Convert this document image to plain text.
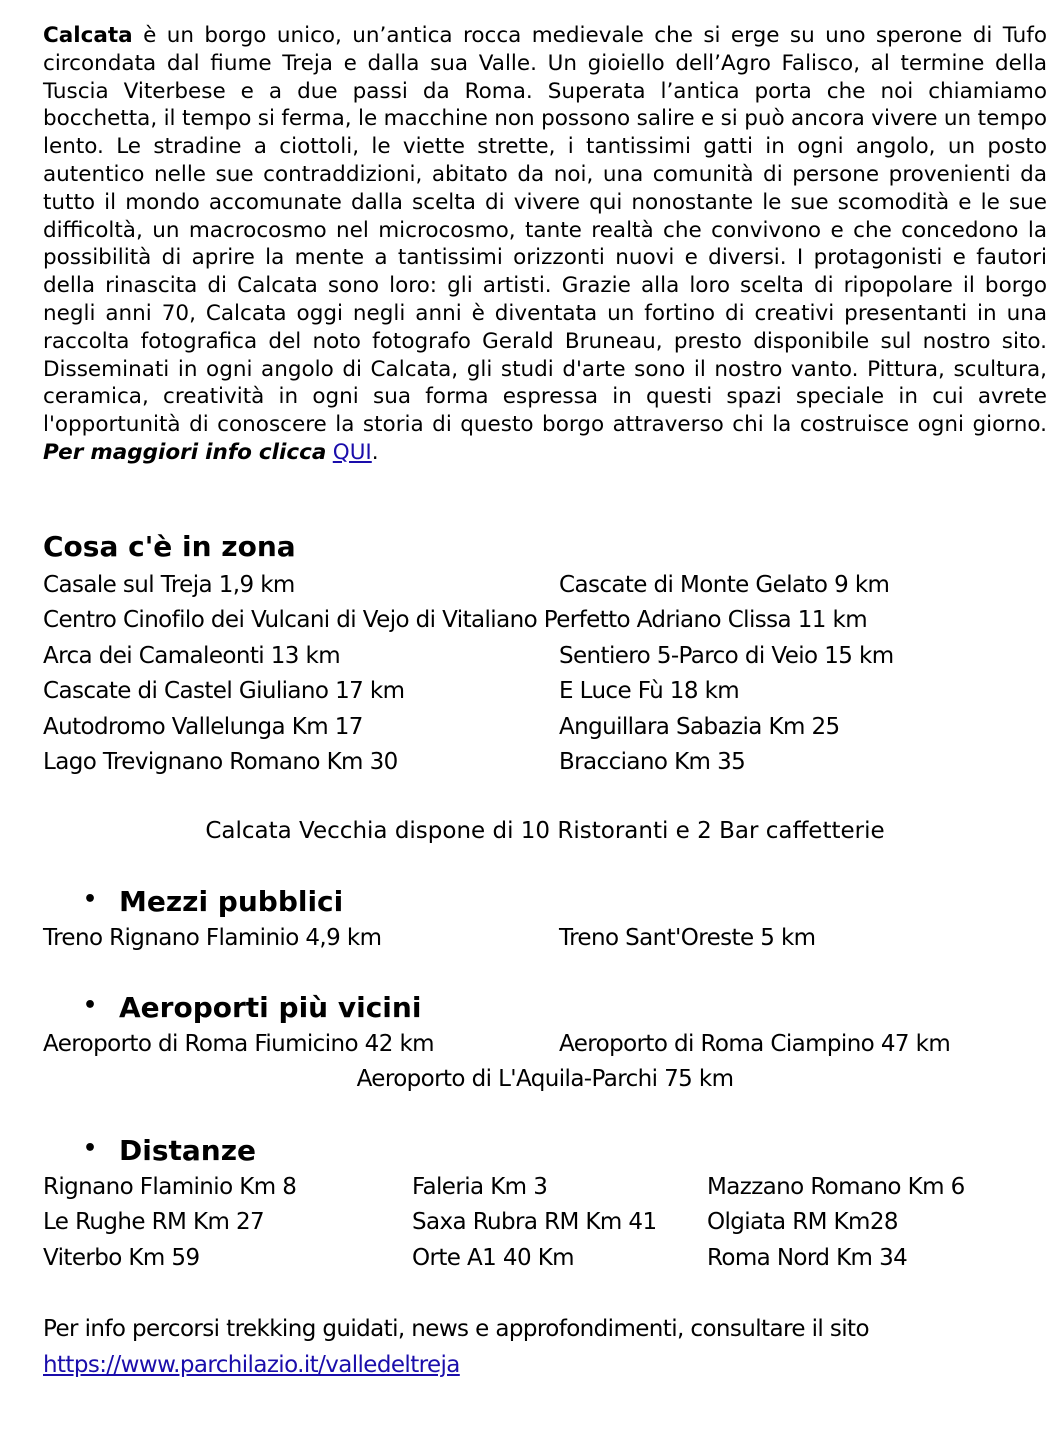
Calcata è un borgo unico, un’antica rocca medievale che si erge su uno sperone di Tufo circondata dal fiume Treja e dalla sua Valle. Un gioiello dell’Agro Falisco, al termine della Tuscia Viterbese e a due passi da Roma. Superata l’antica porta che noi chiamiamo bocchetta, il tempo si ferma, le macchine non possono salire e si può ancora vivere un tempo lento. Le stradine a ciottoli, le viette strette, i tantissimi gatti in ogni angolo, un posto autentico nelle sue contraddizioni, abitato da noi, una comunità di persone provenienti da tutto il mondo accomunate dalla scelta di vivere qui nonostante le sue scomodità e le sue difficoltà, un macrocosmo nel microcosmo, tante realtà che convivono e che concedono la possibilità di aprire la mente a tantissimi orizzonti nuovi e diversi. I protagonisti e fautori della rinascita di Calcata sono loro: gli artisti. Grazie alla loro scelta di ripopolare il borgo negli anni 70, Calcata oggi negli anni è diventata un fortino di creativi presentanti in una raccolta fotografica del noto fotografo Gerald Bruneau, presto disponibile sul nostro sito. Disseminati in ogni angolo di Calcata, gli studi d'arte sono il nostro vanto. Pittura, scultura, ceramica, creatività in ogni sua forma espressa in questi spazi speciale in cui avrete l'opportunità di conoscere la storia di questo borgo attraverso chi la costruisce ogni giorno. Per maggiori info clicca QUI.

Cosa c'è in zona
Casale sul Treja 1,9 km	Cascate di Monte Gelato 9 km
Centro Cinofilo dei Vulcani di Vejo di Vitaliano Perfetto Adriano Clissa 11 km
Arca dei Camaleonti 13 km	Sentiero 5-Parco di Veio 15 km
Cascate di Castel Giuliano 17 km	E Luce Fù 18 km
Autodromo Vallelunga Km 17	Anguillara Sabazia Km 25
Lago Trevignano Romano Km 30	Bracciano Km 35
Calcata Vecchia dispone di 10 Ristoranti e 2 Bar caffetterie
• Mezzi pubblici
Treno Rignano Flaminio 4,9 km	Treno Sant'Oreste 5 km
• Aeroporti più vicini
Aeroporto di Roma Fiumicino 42 km	Aeroporto di Roma Ciampino 47 km
Aeroporto di L'Aquila-Parchi 75 km
• Distanze
Rignano Flaminio Km 8	Faleria Km 3	Mazzano Romano Km 6
Le Rughe RM Km 27	Saxa Rubra RM Km 41 Olgiata RM Km28
Viterbo Km 59	Orte A1 40 Km	Roma Nord Km 34
Per info percorsi trekking guidati, news e approfondimenti, consultare il sito
https://www.parchilazio.it/valledeltreja
